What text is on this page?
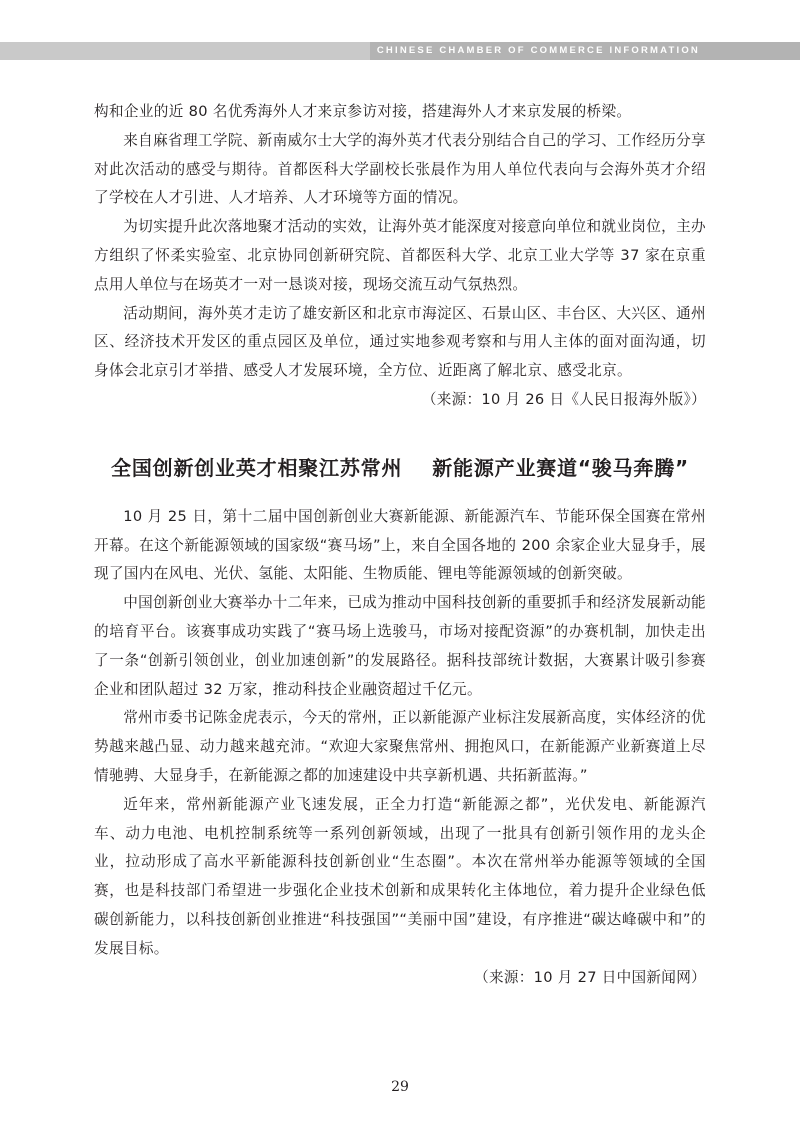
CHINESE CHAMBER OF COMMERCE INFORMATION

构和企业的近 80 名优秀海外人才来京参访对接，搭建海外人才来京发展的桥梁。

来自麻省理工学院、新南威尔士大学的海外英才代表分别结合自己的学习、工作经历分享对此次活动的感受与期待。首都医科大学副校长张晨作为用人单位代表向与会海外英才介绍了学校在人才引进、人才培养、人才环境等方面的情况。

为切实提升此次落地聚才活动的实效，让海外英才能深度对接意向单位和就业岗位，主办方组织了怀柔实验室、北京协同创新研究院、首都医科大学、北京工业大学等 37 家在京重点用人单位与在场英才一对一恳谈对接，现场交流互动气氛热烈。

活动期间，海外英才走访了雄安新区和北京市海淀区、石景山区、丰台区、大兴区、通州区、经济技术开发区的重点园区及单位，通过实地参观考察和与用人主体的面对面沟通，切身体会北京引才举措、感受人才发展环境，全方位、近距离了解北京、感受北京。

（来源：10 月 26 日《人民日报海外版》）

全国创新创业英才相聚江苏常州 新能源产业赛道“骏马奔腾”

10 月 25 日，第十二届中国创新创业大赛新能源、新能源汽车、节能环保全国赛在常州开幕。在这个新能源领域的国家级“赛马场”上，来自全国各地的 200 余家企业大显身手，展现了国内在风电、光伏、氢能、太阳能、生物质能、锂电等能源领域的创新突破。

中国创新创业大赛举办十二年来，已成为推动中国科技创新的重要抓手和经济发展新动能的培育平台。该赛事成功实践了“赛马场上选骏马，市场对接配资源”的办赛机制，加快走出了一条“创新引领创业，创业加速创新”的发展路径。据科技部统计数据，大赛累计吸引参赛企业和团队超过 32 万家，推动科技企业融资超过千亿元。

常州市委书记陈金虎表示，今天的常州，正以新能源产业标注发展新高度，实体经济的优势越来越凸显、动力越来越充沛。“欢迎大家聚焦常州、拥抱风口，在新能源产业新赛道上尽情驰骋、大显身手，在新能源之都的加速建设中共享新机遇、共拓新蓝海。”

近年来，常州新能源产业飞速发展，正全力打造“新能源之都”，光伏发电、新能源汽车、动力电池、电机控制系统等一系列创新领域，出现了一批具有创新引领作用的龙头企业，拉动形成了高水平新能源科技创新创业“生态圈”。本次在常州举办能源等领域的全国赛，也是科技部门希望进一步强化企业技术创新和成果转化主体地位，着力提升企业绿色低碳创新能力，以科技创新创业推进“科技强国”“美丽中国”建设，有序推进“碳达峰碳中和”的发展目标。

（来源：10 月 27 日中国新闻网）

29
